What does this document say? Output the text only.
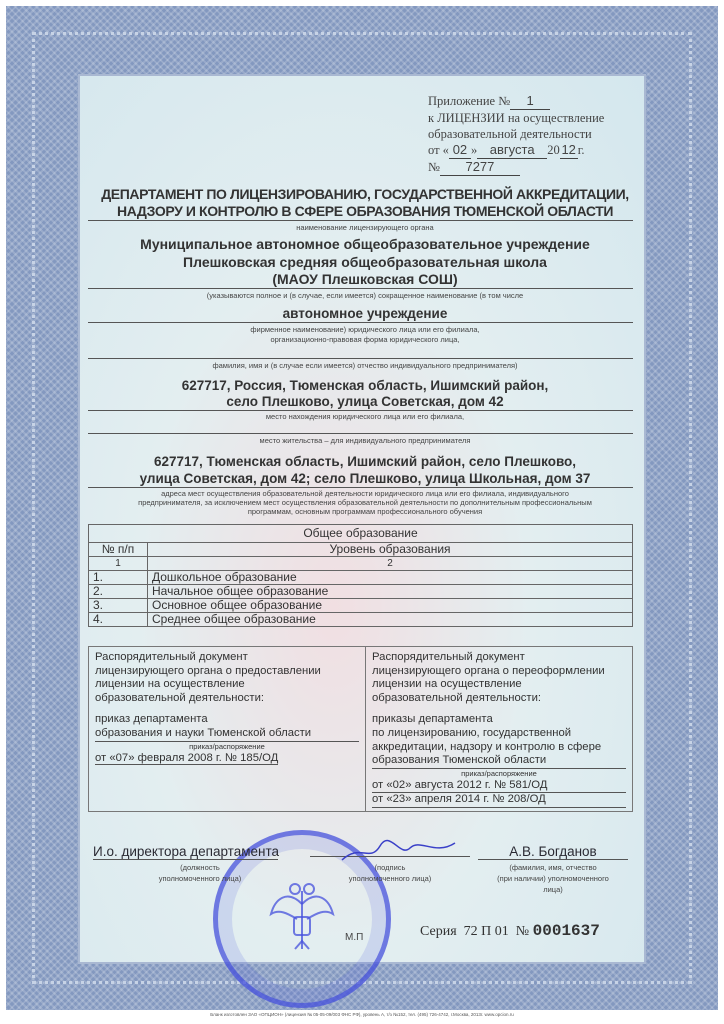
Приложение № 1
к ЛИЦЕНЗИИ на осуществление
образовательной деятельности
от « 02 » августа 20 12 г.
№ 7277
ДЕПАРТАМЕНТ ПО ЛИЦЕНЗИРОВАНИЮ, ГОСУДАРСТВЕННОЙ АККРЕДИТАЦИИ,
НАДЗОРУ И КОНТРОЛЮ В СФЕРЕ ОБРАЗОВАНИЯ ТЮМЕНСКОЙ ОБЛАСТИ
наименование лицензирующего органа
Муниципальное автономное общеобразовательное учреждение
Плешковская средняя общеобразовательная школа
(МАОУ Плешковская СОШ)
(указываются полное и (в случае, если имеется) сокращенное наименование (в том числе
автономное учреждение
фирменное наименование) юридического лица или его филиала,
организационно-правовая форма юридического лица,
фамилия, имя и (в случае если имеется) отчество индивидуального предпринимателя)
627717, Россия, Тюменская область, Ишимский район,
село Плешково, улица Советская, дом 42
место нахождения юридического лица или его филиала,
место жительства – для индивидуального предпринимателя
627717, Тюменская область, Ишимский район, село Плешково,
улица Советская, дом 42; село Плешково, улица Школьная, дом 37
адреса мест осуществления образовательной деятельности юридического лица или его филиала, индивидуального
предпринимателя, за исключением мест осуществления образовательной деятельности по дополнительным профессиональным
программам, основным программам профессионального обучения
Общее образование	
№ п/п	Уровень образования
1	2
1.	Дошкольное образование
2.	Начальное общее образование
3.	Основное общее образование
4.	Среднее общее образование
Распорядительный документ
лицензирующего органа о предоставлении
лицензии на осуществление
образовательной деятельности:
приказ департамента
образования и науки Тюменской области
приказ/распоряжение
от «07» февраля 2008 г. № 185/ОД
Распорядительный документ
лицензирующего органа о переоформлении
лицензии на осуществление
образовательной деятельности:
приказы департамента
по лицензированию, государственной
аккредитации, надзору и контролю в сфере
образования Тюменской области
приказ/распоряжение
от «02» августа 2012 г. № 581/ОД
от «23» апреля 2014 г. № 208/ОД
И.о. директора департамента
(должность
уполномоченного лица)
(подпись
уполномоченного лица)
А.В. Богданов
(фамилия, имя, отчество
(при наличии) уполномоченного
лица)
М.П	Серия 72 П 01 № 0001637
Бланк изготовлен ЗАО «ОПЦИОН» (лицензия № 05-05-09/003 ФНС РФ), уровень А, т/з №152, тел. (495) 726-4742, г.Москва, 2013г. www.opcion.ru
